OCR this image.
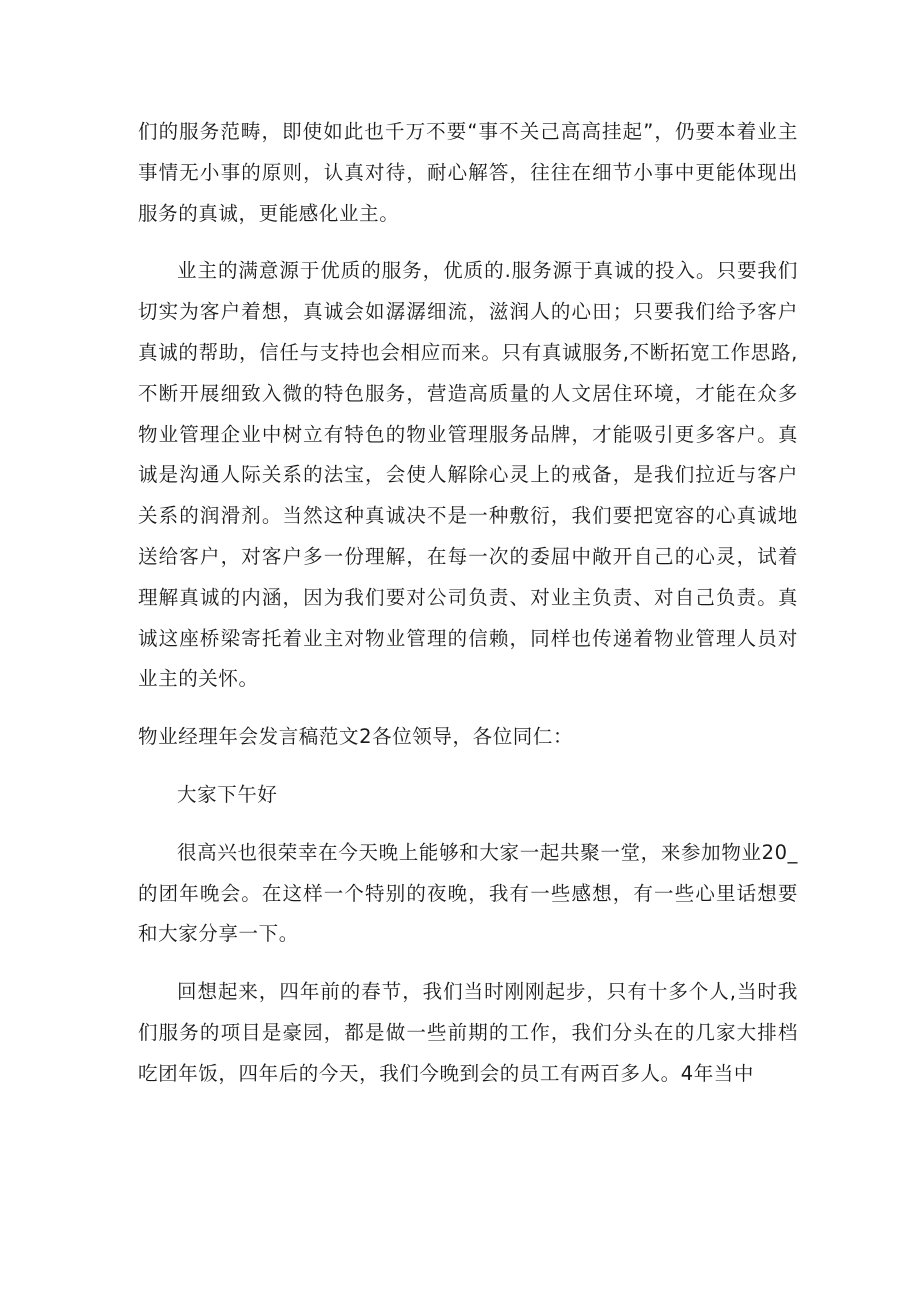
们的服务范畴，即使如此也千万不要“事不关己高高挂起”，仍要本着业主事情无小事的原则，认真对待，耐心解答，往往在细节小事中更能体现出服务的真诚，更能感化业主。

业主的满意源于优质的服务，优质的.服务源于真诚的投入。只要我们切实为客户着想，真诚会如潺潺细流，滋润人的心田；只要我们给予客户真诚的帮助，信任与支持也会相应而来。只有真诚服务,不断拓宽工作思路,不断开展细致入微的特色服务，营造高质量的人文居住环境，才能在众多物业管理企业中树立有特色的物业管理服务品牌，才能吸引更多客户。真诚是沟通人际关系的法宝，会使人解除心灵上的戒备，是我们拉近与客户关系的润滑剂。当然这种真诚决不是一种敷衍，我们要把宽容的心真诚地送给客户，对客户多一份理解，在每一次的委屈中敞开自己的心灵，试着理解真诚的内涵，因为我们要对公司负责、对业主负责、对自己负责。真诚这座桥梁寄托着业主对物业管理的信赖，同样也传递着物业管理人员对业主的关怀。

物业经理年会发言稿范文2各位领导，各位同仁：

大家下午好

很高兴也很荣幸在今天晚上能够和大家一起共聚一堂，来参加物业20_的团年晚会。在这样一个特别的夜晚，我有一些感想，有一些心里话想要和大家分享一下。

回想起来，四年前的春节，我们当时刚刚起步，只有十多个人,当时我们服务的项目是豪园，都是做一些前期的工作，我们分头在的几家大排档吃团年饭，四年后的今天，我们今晚到会的员工有两百多人。4年当中
